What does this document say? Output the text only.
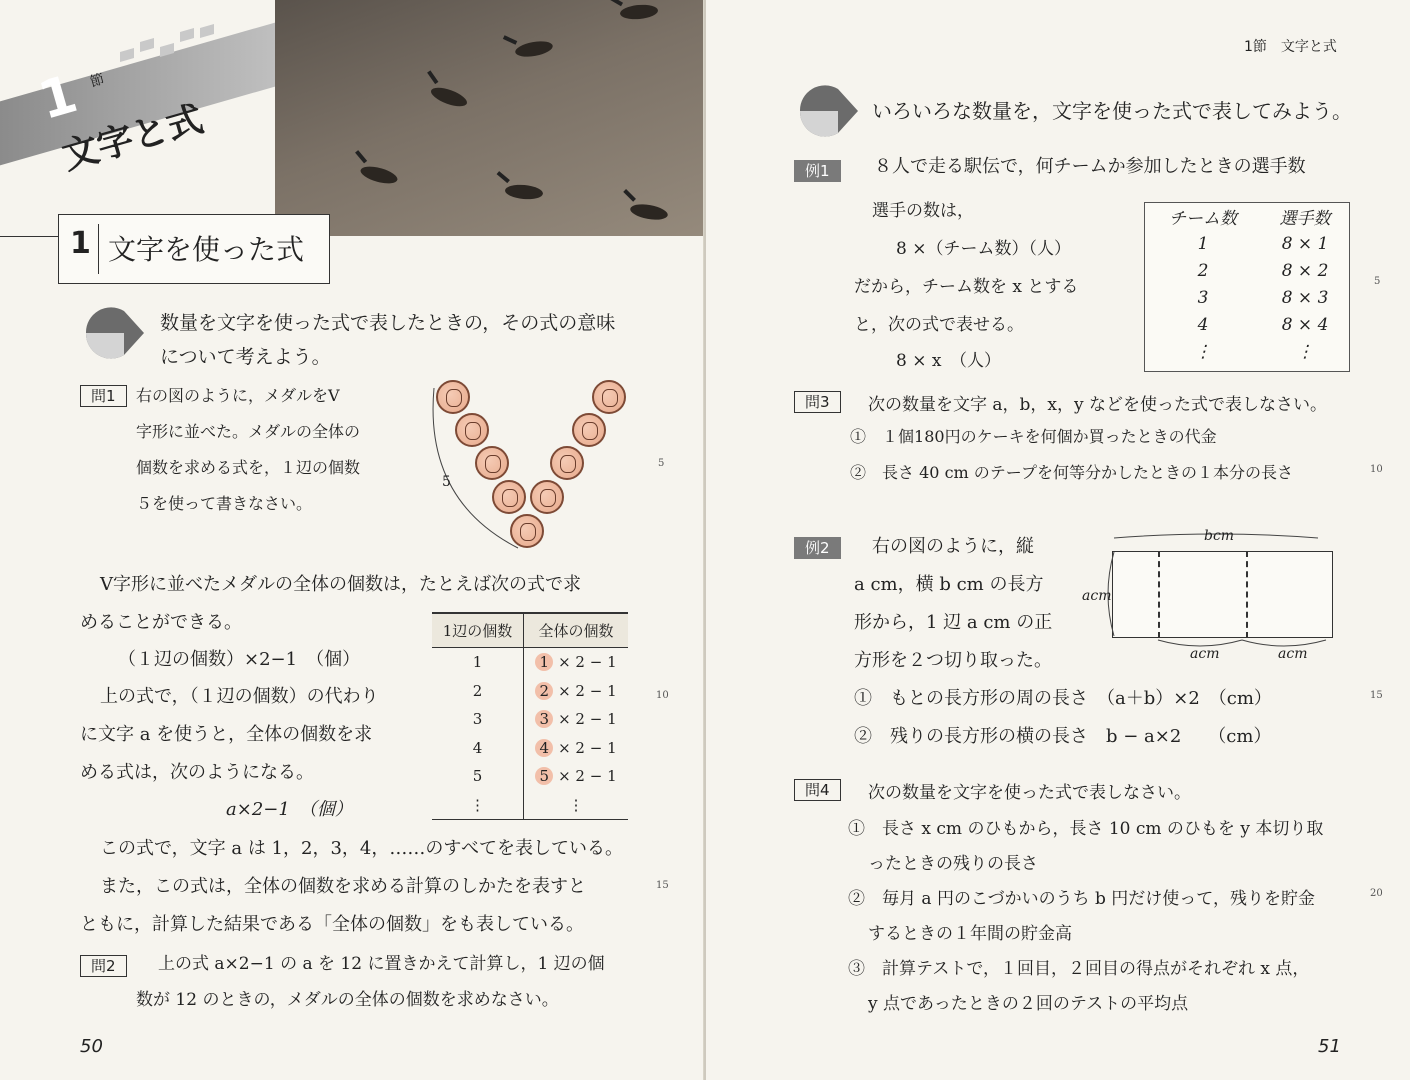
1 節
文字と式
1 文字を使った式
数量を文字を使った式で表したときの，その式の意味
について考えよう。
問1	右の図のように，メダルをV
字形に並べた。メダルの全体の
個数を求める式を，１辺の個数
５を使って書きなさい。
5
V字形に並べたメダルの全体の個数は，たとえば次の式で求
めることができる。
（１辺の個数）×2−1　（個）
上の式で，（１辺の個数）の代わり
に文字 a を使うと，全体の個数を求
める式は，次のようになる。
a×2−1　（個）
1辺の個数	全体の個数
1	1 × 2 − 1
2	2 × 2 − 1
3	3 × 2 − 1
4	4 × 2 − 1
5	5 × 2 − 1
⋮	⋮
この式で，文字 a は 1，2，3，4，……のすべてを表している。
また，この式は，全体の個数を求める計算のしかたを表すと
ともに，計算した結果である「全体の個数」をも表している。
問2	上の式 a×2−1 の a を 12 に置きかえて計算し，1 辺の個
数が 12 のときの，メダルの全体の個数を求めなさい。
5
10
15
50
1節　文字と式
いろいろな数量を，文字を使った式で表してみよう。
例1	８人で走る駅伝で，何チームか参加したときの選手数
選手の数は，
8 ×（チーム数）（人）
だから，チーム数を x とする
と，次の式で表せる。
8 × x　（人）
チーム数	選手数
1	8 × 1
2	8 × 2
3	8 × 3
4	8 × 4
⋮	⋮
問3	次の数量を文字 a，b，x，y などを使った式で表しなさい。
①　 １個180円のケーキを何個か買ったときの代金
②　 長さ 40 cm のテープを何等分かしたときの１本分の長さ
例2	右の図のように，縦
a cm，横 b cm の長方
形から，1 辺 a cm の正
方形を２つ切り取った。
bcm
acm
acm	acm
①　 もとの長方形の周の長さ　（a＋b）×2　（cm）
②　 残りの長方形の横の長さ　b − a×2　　（cm）
問4	次の数量を文字を使った式で表しなさい。
①　 長さ x cm のひもから，長さ 10 cm のひもを y 本切り取
ったときの残りの長さ
②　 毎月 a 円のこづかいのうち b 円だけ使って，残りを貯金
するときの１年間の貯金高
③　 計算テストで，１回目，２回目の得点がそれぞれ x 点，
y 点であったときの２回のテストの平均点
5
10
15
20
51
